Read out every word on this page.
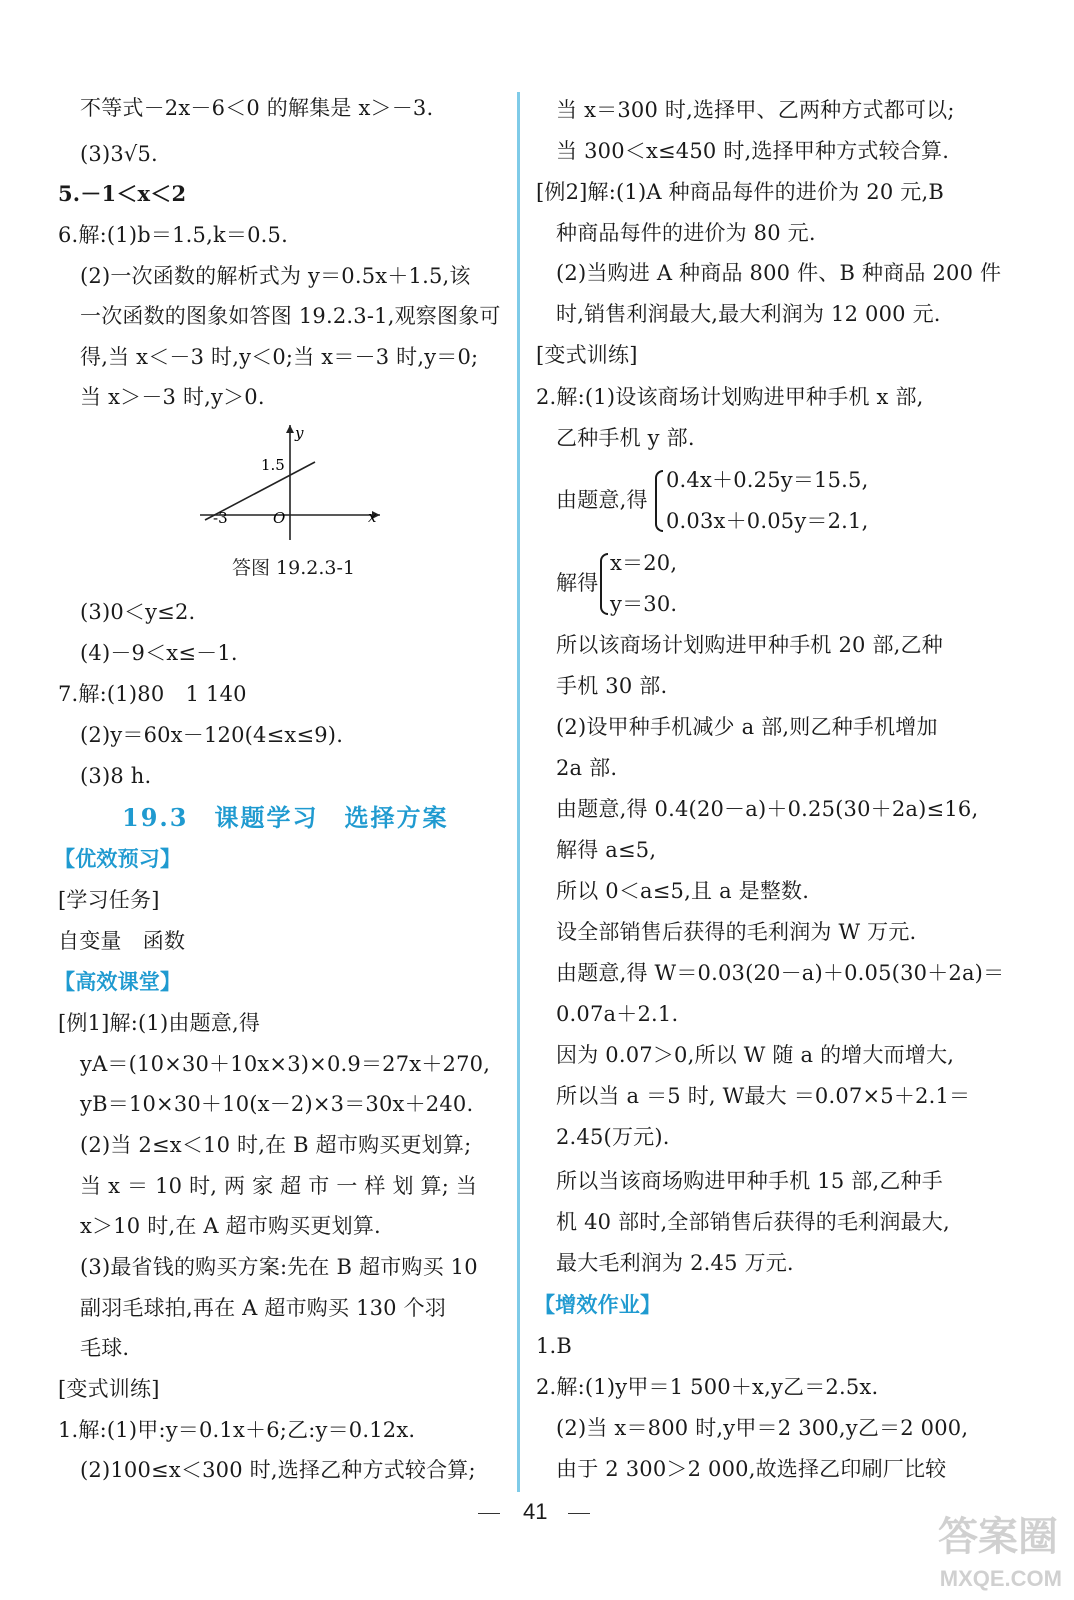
不等式－2x－6＜0 的解集是 x＞－3.
(3)3√5.
5.－1＜x＜2
6.解:(1)b＝1.5,k＝0.5.
(2)一次函数的解析式为 y＝0.5x＋1.5,该
一次函数的图象如答图 19.2.3-1,观察图象可
得,当 x＜－3 时,y＜0;当 x＝－3 时,y＝0;
当 x＞－3 时,y＞0.
y
x
1.5
-3	O
答图 19.2.3-1
(3)0＜y≤2.
(4)－9＜x≤－1.
7.解:(1)80　1 140
(2)y＝60x－120(4≤x≤9).
(3)8 h.
19.3　课题学习　选择方案
【优效预习】
[学习任务]
自变量　函数
【高效课堂】
[例1]解:(1)由题意,得
yA＝(10×30＋10x×3)×0.9＝27x＋270,
yB＝10×30＋10(x－2)×3＝30x＋240.
(2)当 2≤x＜10 时,在 B 超市购买更划算;
当 x ＝ 10 时, 两 家 超 市 一 样 划 算; 当
x＞10 时,在 A 超市购买更划算.
(3)最省钱的购买方案:先在 B 超市购买 10
副羽毛球拍,再在 A 超市购买 130 个羽
毛球.
[变式训练]
1.解:(1)甲:y＝0.1x＋6;乙:y＝0.12x.
(2)100≤x＜300 时,选择乙种方式较合算;
当 x＝300 时,选择甲、乙两种方式都可以;
当 300＜x≤450 时,选择甲种方式较合算.
[例2]解:(1)A 种商品每件的进价为 20 元,B
种商品每件的进价为 80 元.
(2)当购进 A 种商品 800 件、B 种商品 200 件
时,销售利润最大,最大利润为 12 000 元.
[变式训练]
2.解:(1)设该商场计划购进甲种手机 x 部,
乙种手机 y 部.
0.4x＋0.25y＝15.5,
由题意,得
0.03x＋0.05y＝2.1,
x＝20,
解得
y＝30.
所以该商场计划购进甲种手机 20 部,乙种
手机 30 部.
(2)设甲种手机减少 a 部,则乙种手机增加
2a 部.
由题意,得 0.4(20－a)＋0.25(30＋2a)≤16,
解得 a≤5,
所以 0＜a≤5,且 a 是整数.
设全部销售后获得的毛利润为 W 万元.
由题意,得 W＝0.03(20－a)＋0.05(30＋2a)＝
0.07a＋2.1.
因为 0.07＞0,所以 W 随 a 的增大而增大,
所以当 a ＝5 时, W最大 ＝0.07×5＋2.1＝
2.45(万元).
所以当该商场购进甲种手机 15 部,乙种手
机 40 部时,全部销售后获得的毛利润最大,
最大毛利润为 2.45 万元.
【增效作业】
1.B
2.解:(1)y甲＝1 500＋x,y乙＝2.5x.
(2)当 x＝800 时,y甲＝2 300,y乙＝2 000,
由于 2 300＞2 000,故选择乙印刷厂比较
41
答案圈
MXQE.COM
